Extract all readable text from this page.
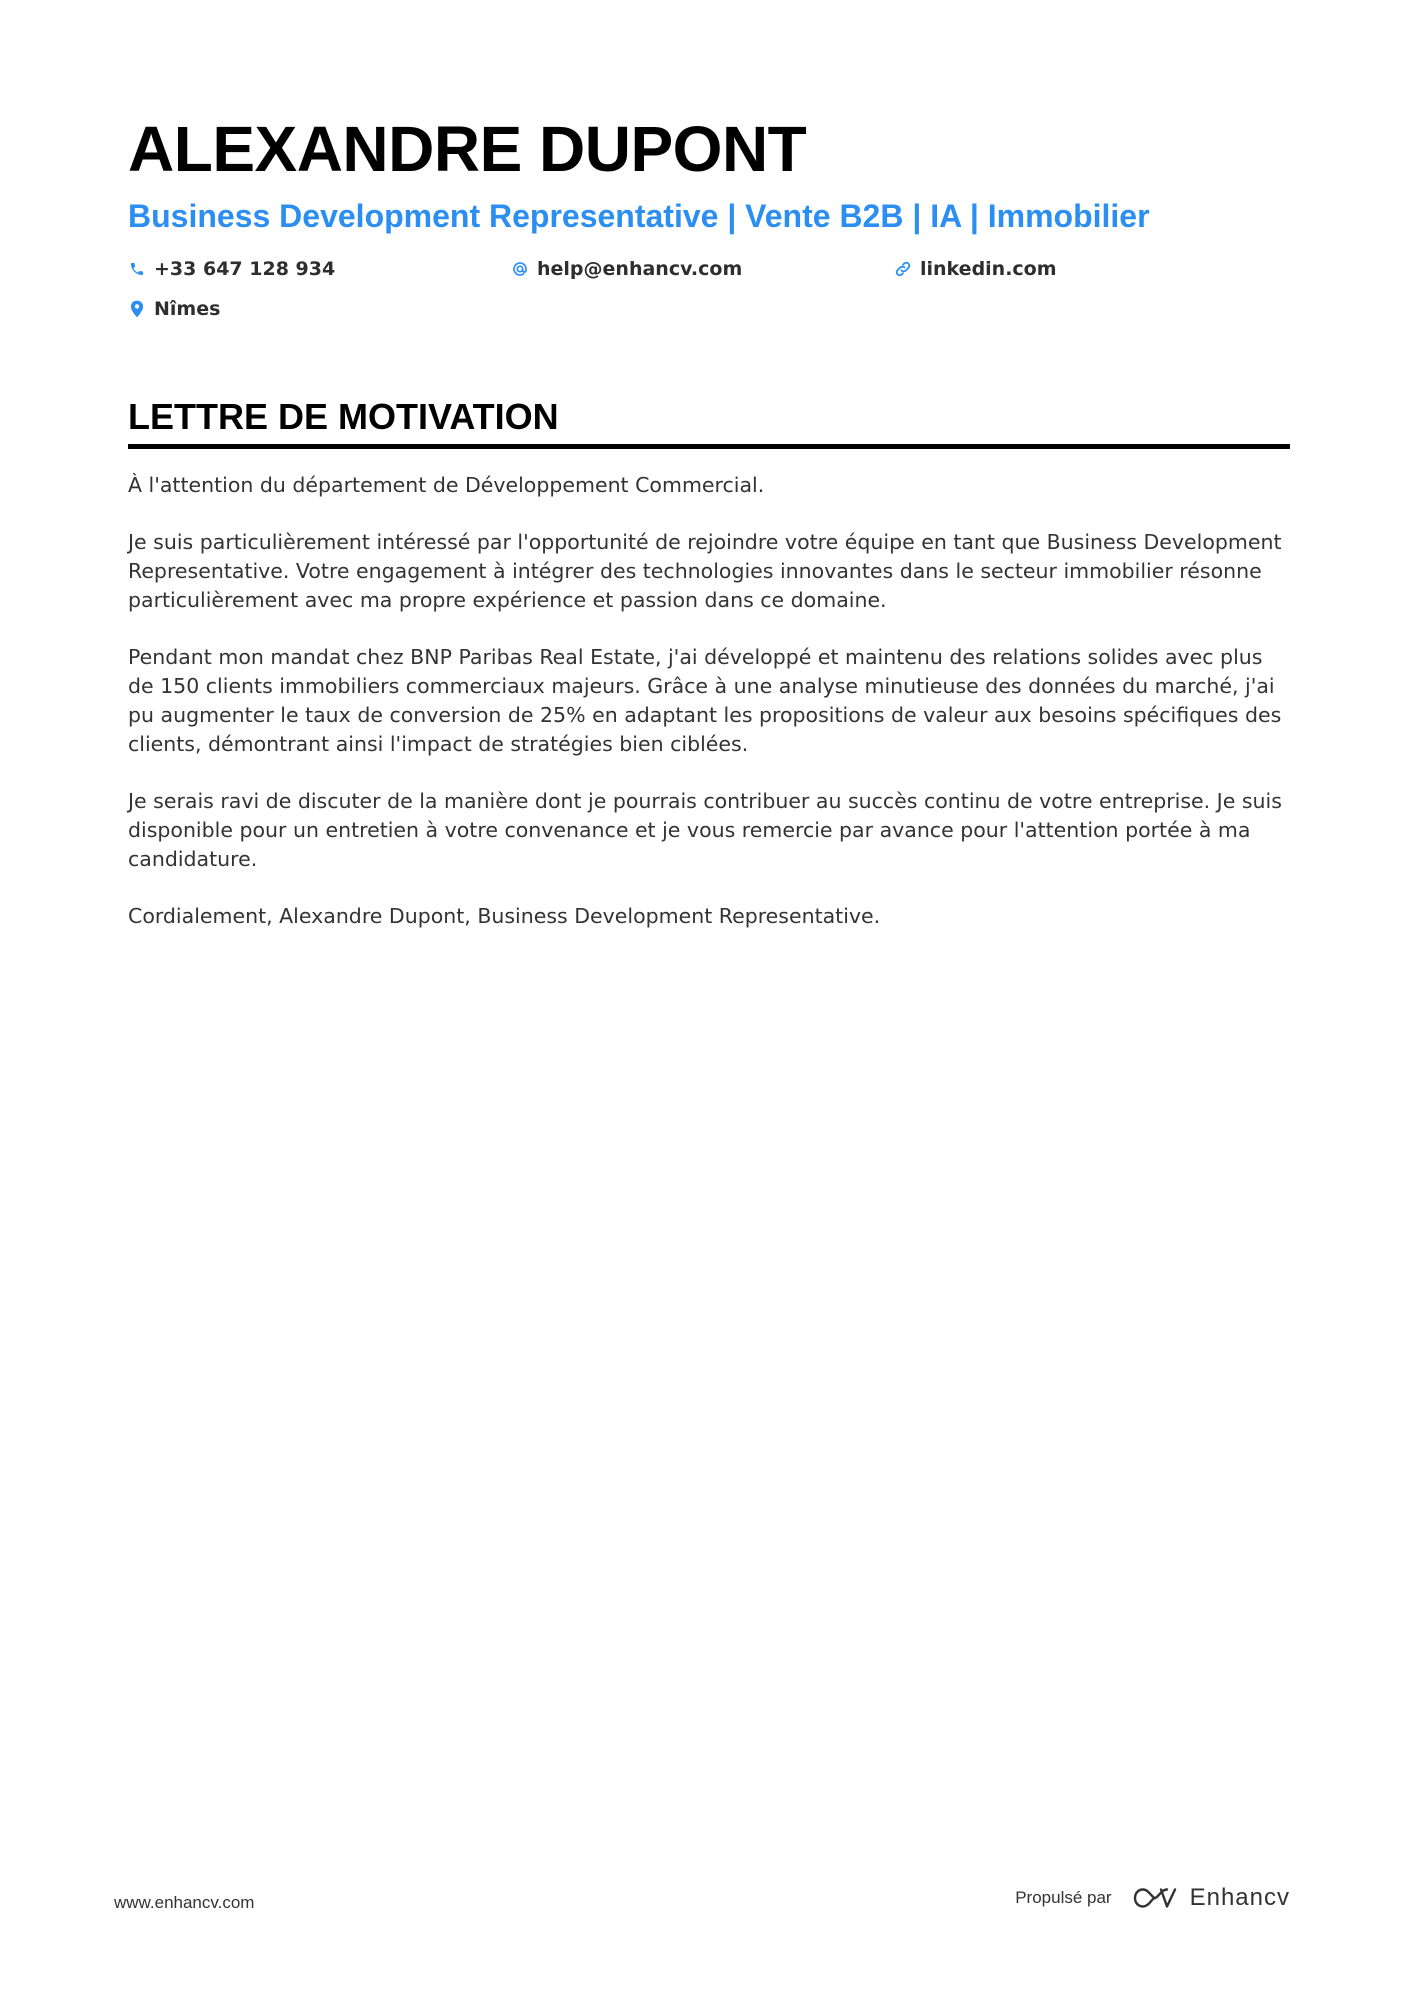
ALEXANDRE DUPONT
Business Development Representative | Vente B2B | IA | Immobilier
+33 647 128 934	help@enhancv.com	linkedin.com
Nîmes
LETTRE DE MOTIVATION

À l'attention du département de Développement Commercial.

Je suis particulièrement intéressé par l'opportunité de rejoindre votre équipe en tant que Business Development Representative. Votre engagement à intégrer des technologies innovantes dans le secteur immobilier résonne particulièrement avec ma propre expérience et passion dans ce domaine.

Pendant mon mandat chez BNP Paribas Real Estate, j'ai développé et maintenu des relations solides avec plus de 150 clients immobiliers commerciaux majeurs. Grâce à une analyse minutieuse des données du marché, j'ai pu augmenter le taux de conversion de 25% en adaptant les propositions de valeur aux besoins spécifiques des clients, démontrant ainsi l'impact de stratégies bien ciblées.

Je serais ravi de discuter de la manière dont je pourrais contribuer au succès continu de votre entreprise. Je suis disponible pour un entretien à votre convenance et je vous remercie par avance pour l'attention portée à ma candidature.

Cordialement, Alexandre Dupont, Business Development Representative.

www.enhancv.com	Propulsé par	Enhancv
